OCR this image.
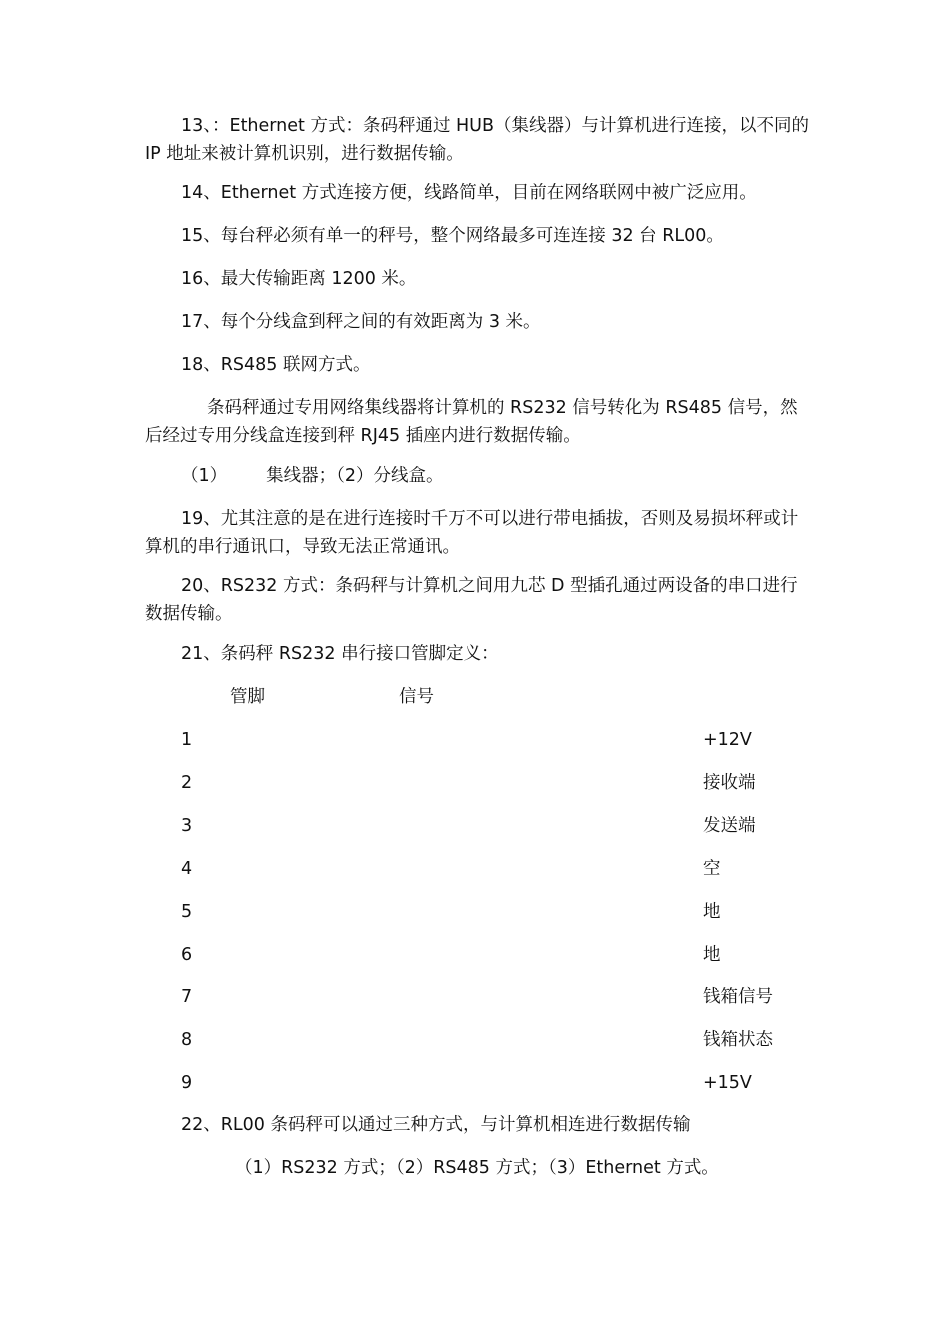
13、：Ethernet 方式：条码秤通过 HUB（集线器）与计算机进行连接，以不同的 IP 地址来被计算机识别，进行数据传输。

14、Ethernet 方式连接方便，线路简单，目前在网络联网中被广泛应用。

15、每台秤必须有单一的秤号，整个网络最多可连连接 32 台 RL00。

16、最大传输距离 1200 米。

17、每个分线盒到秤之间的有效距离为 3 米。

18、RS485 联网方式。

条码秤通过专用网络集线器将计算机的 RS232 信号转化为 RS485 信号，然后经过专用分线盒连接到秤 RJ45 插座内进行数据传输。

（1）       集线器；（2）分线盒。

19、尤其注意的是在进行连接时千万不可以进行带电插拔，否则及易损坏秤或计算机的串行通讯口，导致无法正常通讯。

20、RS232 方式：条码秤与计算机之间用九芯 D 型插孔通过两设备的串口进行数据传输。

21、条码秤 RS232 串行接口管脚定义：

管脚	信号
1	+12V
2	接收端
3	发送端
4	空
5	地
6	地
7	钱箱信号
8	钱箱状态
9	+15V

22、RL00 条码秤可以通过三种方式，与计算机相连进行数据传输

（1）RS232 方式；（2）RS485 方式；（3）Ethernet 方式。
